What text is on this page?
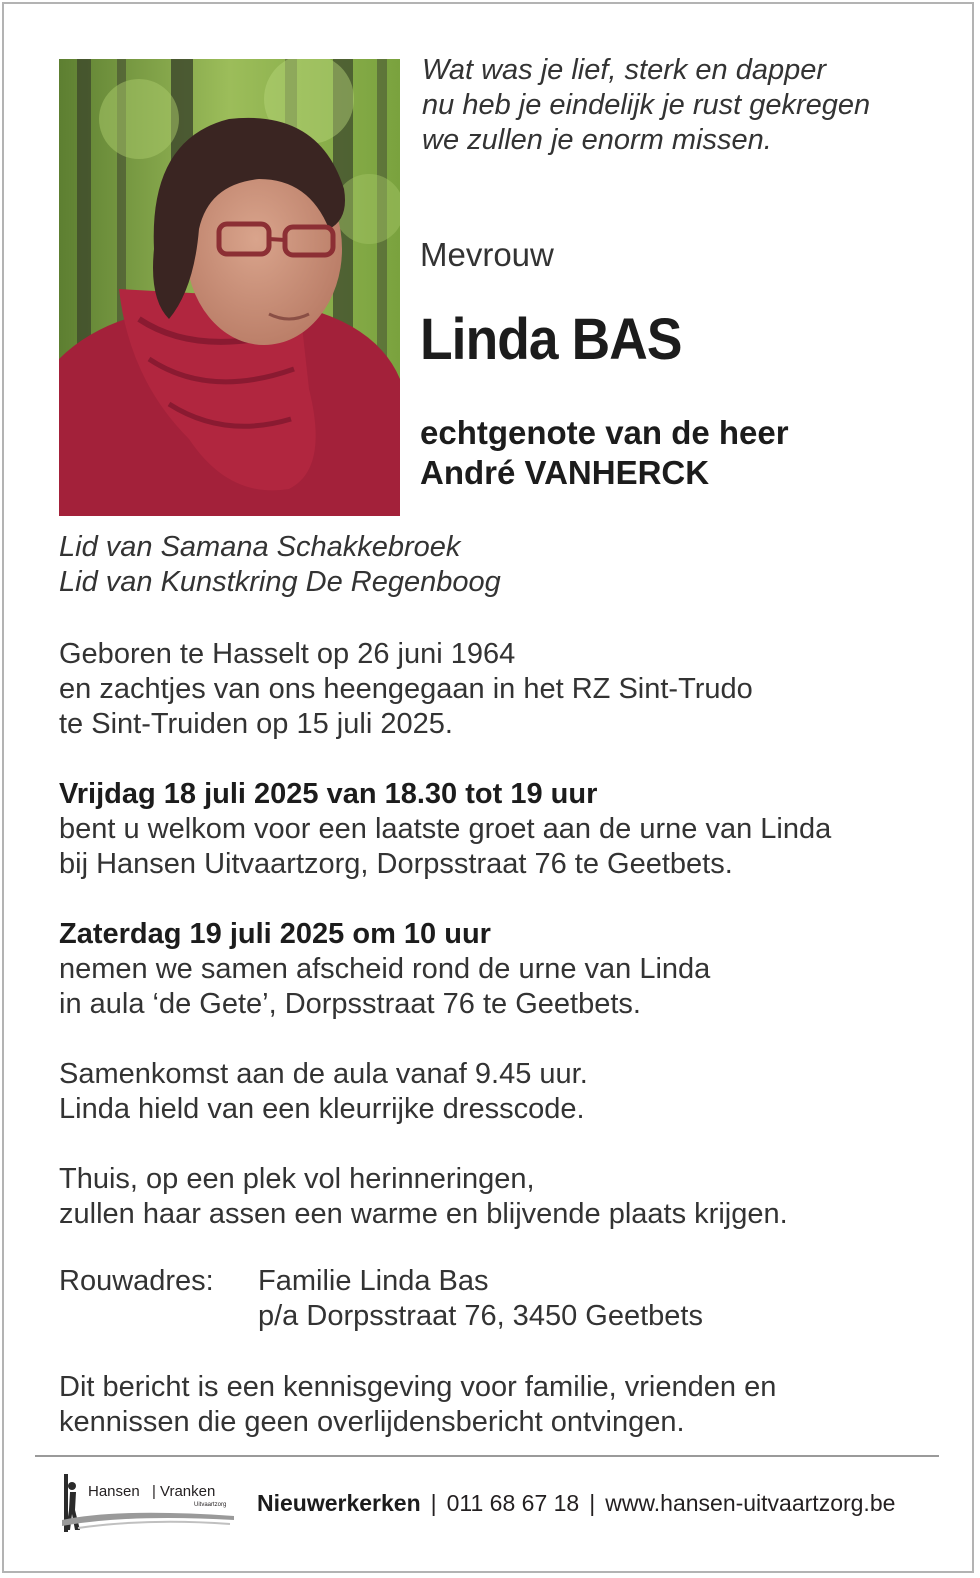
Wat was je lief, sterk en dapper
nu heb je eindelijk je rust gekregen
we zullen je enorm missen.
Mevrouw
Linda BAS
echtgenote van de heer
André VANHERCK
Lid van Samana Schakkebroek
Lid van Kunstkring De Regenboog
Geboren te Hasselt op 26 juni 1964
en zachtjes van ons heengegaan in het RZ Sint-Trudo
te Sint-Truiden op 15 juli 2025.
Vrijdag 18 juli 2025 van 18.30 tot 19 uur
bent u welkom voor een laatste groet aan de urne van Linda
bij Hansen Uitvaartzorg, Dorpsstraat 76 te Geetbets.
Zaterdag 19 juli 2025 om 10 uur
nemen we samen afscheid rond de urne van Linda
in aula ‘de Gete’, Dorpsstraat 76 te Geetbets.
Samenkomst aan de aula vanaf 9.45 uur.
Linda hield van een kleurrijke dresscode.
Thuis, op een plek vol herinneringen,
zullen haar assen een warme en blijvende plaats krijgen.
Rouwadres: Familie Linda Bas
p/a Dorpsstraat 76, 3450 Geetbets
Dit bericht is een kennisgeving voor familie, vrienden en
kennissen die geen overlijdensbericht ontvingen.
Hansen | Vranken
Uitvaartzorg Nieuwerkerken | 011 68 67 18 | www.hansen-uitvaartzorg.be
